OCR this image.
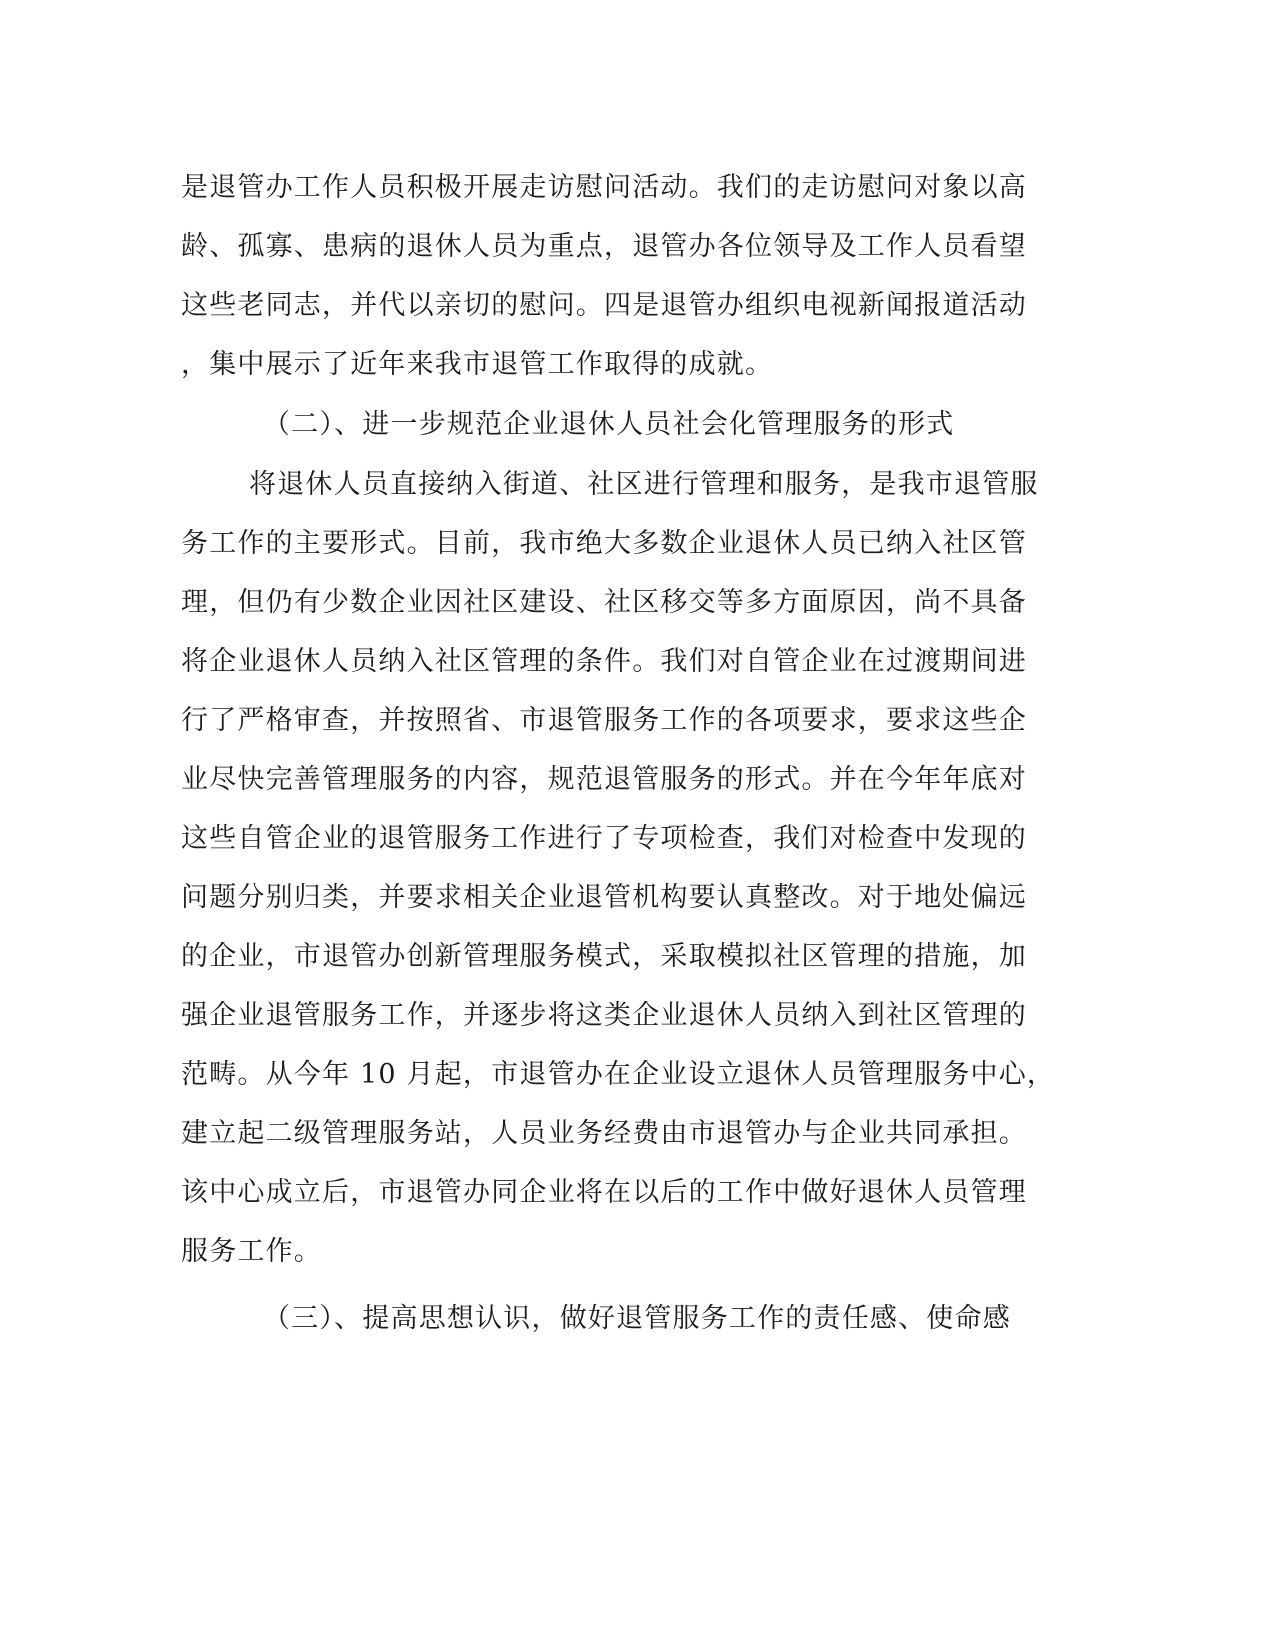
是退管办工作人员积极开展走访慰问活动。我们的走访慰问对象以高
龄、孤寡、患病的退休人员为重点，退管办各位领导及工作人员看望
这些老同志，并代以亲切的慰问。四是退管办组织电视新闻报道活动
，集中展示了近年来我市退管工作取得的成就。
（二）、进一步规范企业退休人员社会化管理服务的形式
将退休人员直接纳入街道、社区进行管理和服务，是我市退管服
务工作的主要形式。目前，我市绝大多数企业退休人员已纳入社区管
理，但仍有少数企业因社区建设、社区移交等多方面原因，尚不具备
将企业退休人员纳入社区管理的条件。我们对自管企业在过渡期间进
行了严格审查，并按照省、市退管服务工作的各项要求，要求这些企
业尽快完善管理服务的内容，规范退管服务的形式。并在今年年底对
这些自管企业的退管服务工作进行了专项检查，我们对检查中发现的
问题分别归类，并要求相关企业退管机构要认真整改。对于地处偏远
的企业，市退管办创新管理服务模式，采取模拟社区管理的措施，加
强企业退管服务工作，并逐步将这类企业退休人员纳入到社区管理的
范畴。从今年 10 月起，市退管办在企业设立退休人员管理服务中心，
建立起二级管理服务站，人员业务经费由市退管办与企业共同承担。
该中心成立后，市退管办同企业将在以后的工作中做好退休人员管理
服务工作。
（三）、提高思想认识，做好退管服务工作的责任感、使命感
